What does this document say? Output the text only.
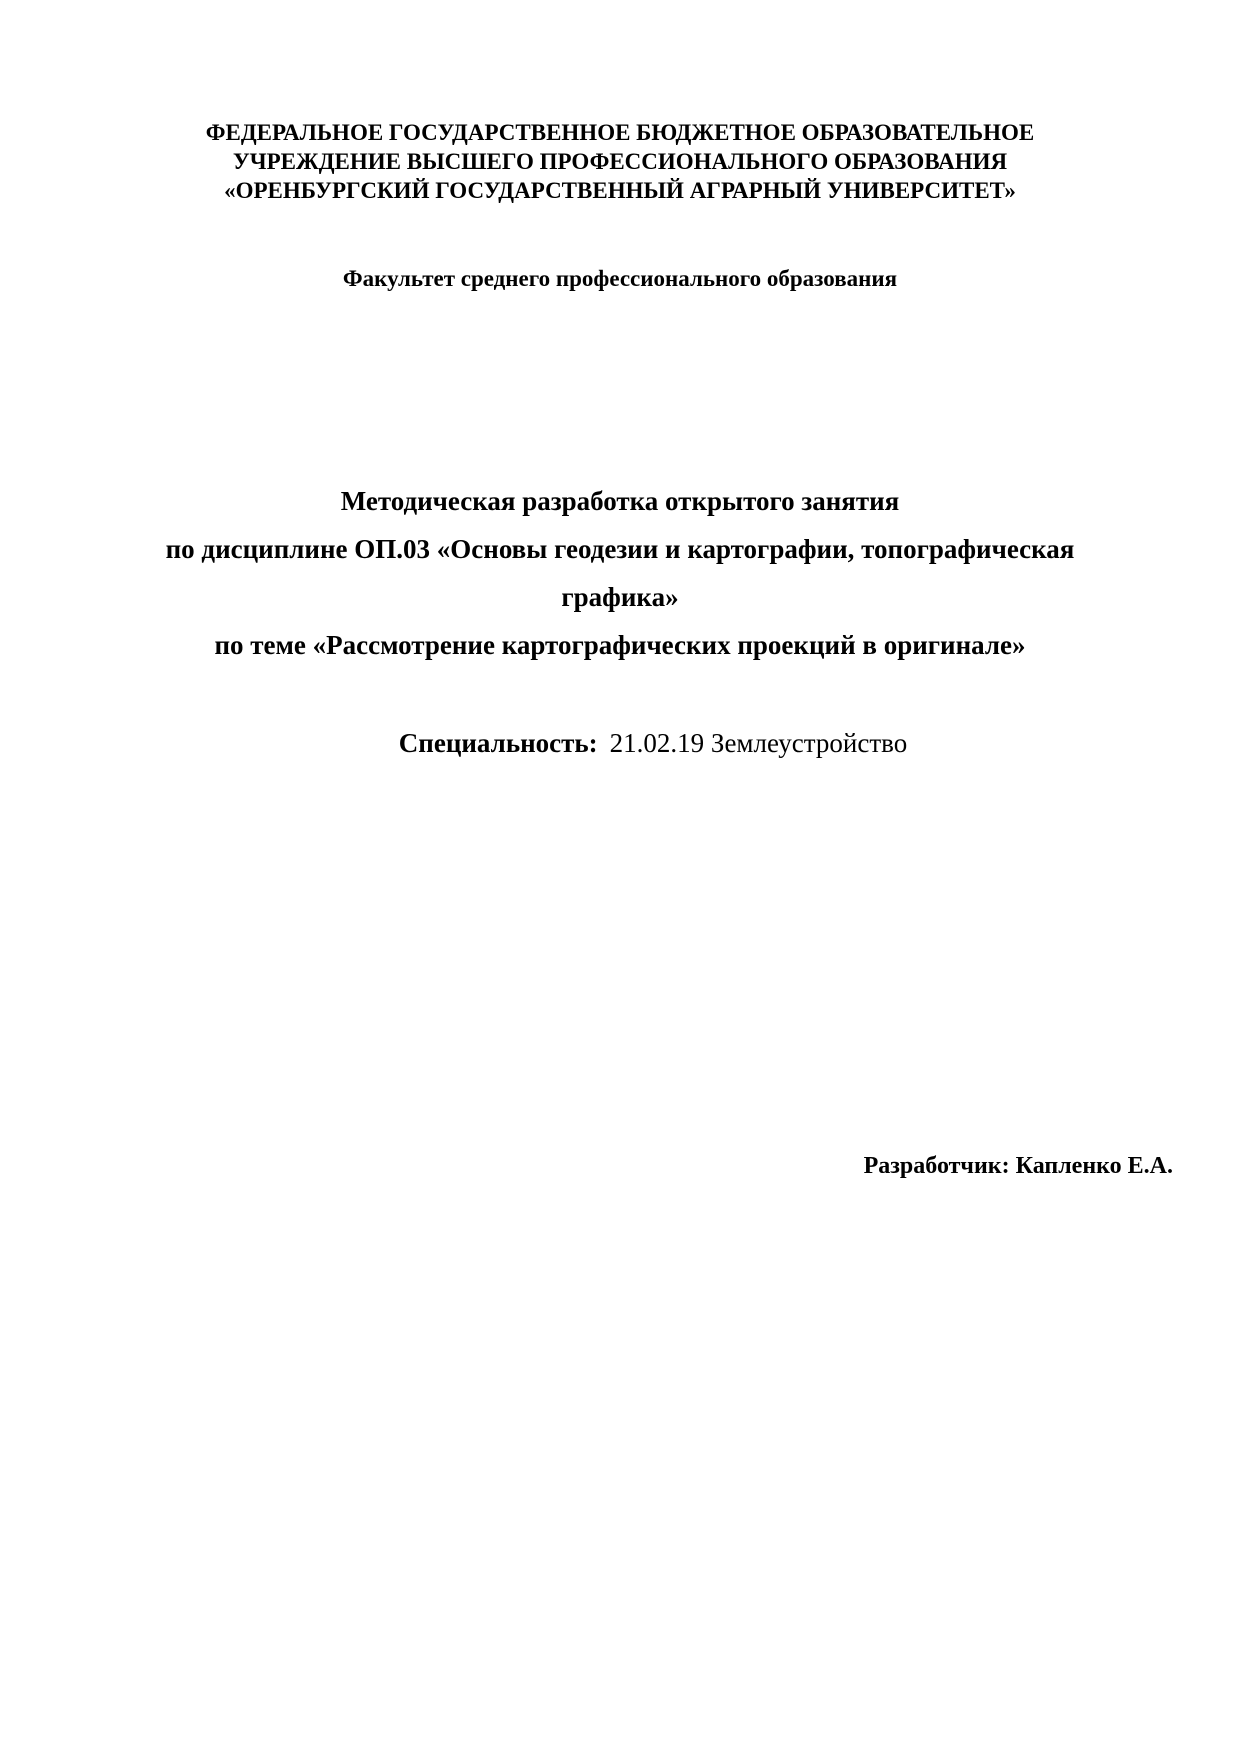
ФЕДЕРАЛЬНОЕ ГОСУДАРСТВЕННОЕ БЮДЖЕТНОЕ ОБРАЗОВАТЕЛЬНОЕ
УЧРЕЖДЕНИЕ ВЫСШЕГО ПРОФЕССИОНАЛЬНОГО ОБРАЗОВАНИЯ
«ОРЕНБУРГСКИЙ ГОСУДАРСТВЕННЫЙ АГРАРНЫЙ УНИВЕРСИТЕТ»
Факультет среднего профессионального образования
Методическая разработка открытого занятия
по дисциплине ОП.03 «Основы геодезии и картографии, топографическая графика»
по теме «Рассмотрение картографических проекций в оригинале»
Специальность: 21.02.19 Землеустройство
Разработчик: Капленко Е.А.
